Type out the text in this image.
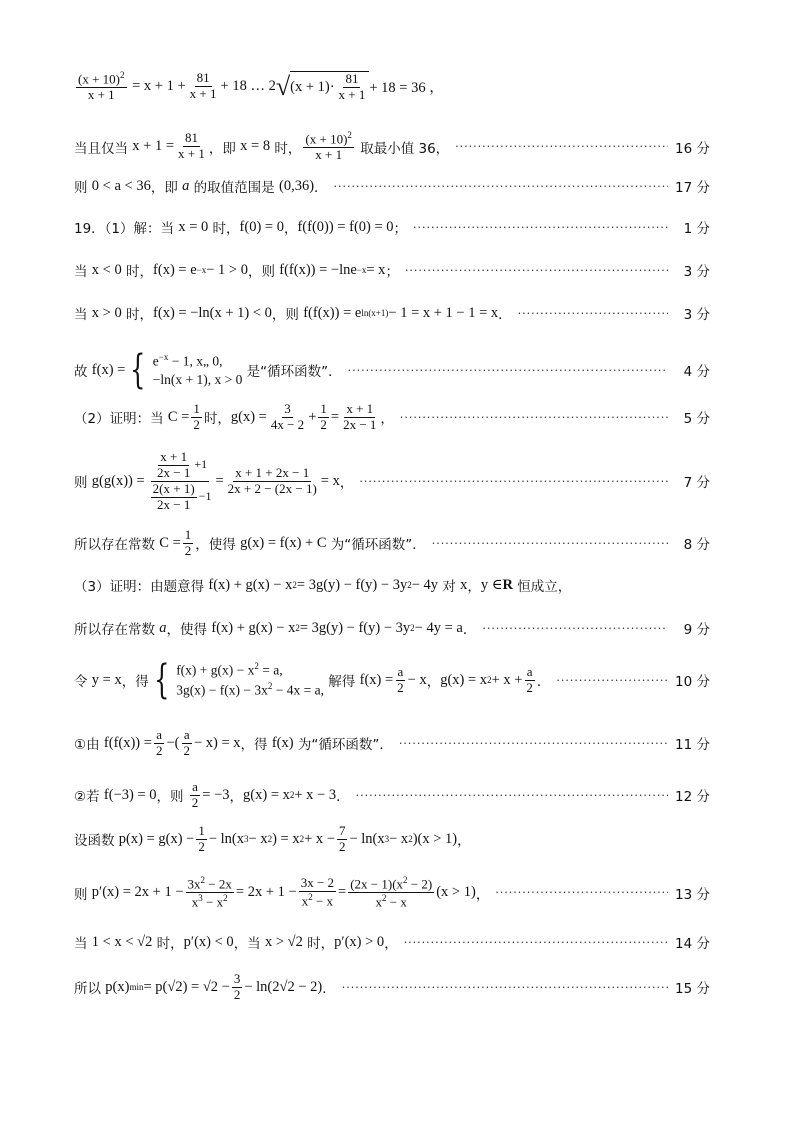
$\frac{(x + 10)^2}{x + 1} = x + 1 + \frac{81}{x + 1} + 18$ … 2 √ $(x + 1)\cdot \frac{81}{x + 1} + 18 = 36$ ，
当且仅当 $x + 1 = \frac{81}{x + 1}$ ，即 x = 8 时， $\frac{(x + 10)^2}{x + 1}$ 取最小值 36， ·····	16 分
则 0 < a < 36 ，即 a 的取值范围是 (0,36) ． ·····	17 分
19．（1）解：当 x = 0 时， f(0) = 0 ， f(f(0)) = f(0) = 0 ； ·····	1 分
当 x < 0 时， f(x) = e −x − 1 > 0 ，则 f(f(x)) = −lne −x = x ； ·····	3 分
当 x > 0 时， f(x) = −ln(x + 1) < 0 ，则 f(f(x)) = e ln(x+1) − 1 = x + 1 − 1 = x ． ·····	3 分
故 f(x) = { $e^{-x} - 1$, x„ 0,
−ln(x + 1), x > 0 是“循环函数”． ·····	4 分
（2）证明：当 $C = \frac{1}{2}$ 时， $g(x) = \frac{3}{4x - 2} + \frac{1}{2} = \frac{x + 1}{2x - 1}$ ， ·····	5 分
则 $g(g(x)) = \frac{\frac{x + 1}{2x - 1} +1}{\frac{2(x + 1)}{2x - 1} -1} = \frac{x + 1 + 2x - 1}{2x + 2 - (2x - 1)} = x$ ， ·····	7 分
所以存在常数 $C = \frac{1}{2}$ ，使得 g(x) = f(x) + C 为“循环函数”． ·····	8 分
（3）证明：由题意得 f(x) + g(x) − x 2 = 3g(y) − f(y) − 3y 2 − 4y 对 x ， y ∈ R 恒成立，
所以存在常数 a ，使得 f(x) + g(x) − x 2 = 3g(y) − f(y) − 3y 2 − 4y = a ． ·····	9 分
令 y = x ，得 { $f(x) + g(x) - x^2 = a$,
$3g(x) - f(x) - 3x^2 - 4x = a$, 解得 $f(x) = \frac{a}{2} - x$ ， g(x) = x $2 + x + \frac{a}{2}$ ． ·····	10 分
①由 $f(f(x)) = \frac{a}{2}$ −( $\frac{a}{2} - x) = x$ ，得 f(x) 为“循环函数”． ·····	11 分
②若 f(−3) = 0 ，则 $\frac{a}{2} = -3$ ， g(x) = x 2 + x − 3 ． ·····	12 分
设函数 $p(x) = g(x) - \frac{1}{2} - \ln(x$ 3 − x 2 ) = x $2 + x - \frac{7}{2} - \ln(x$ 3 − x 2 )(x > 1) ，
则 $p'(x) = 2x + 1 - \frac{3x^2 - 2x}{x^3 - x^2} = 2x + 1 - \frac{3x - 2}{x^2 - x} = \frac{(2x - 1)(x^2 - 2)}{x^2 - x} (x > 1)$ ， ·····	13 分
当 1 < x < √2 时， p′(x) < 0 ，当 x > √2 时， p′(x) > 0 ， ·····	14 分
所以 p(x) $\min = p(√2) = √2 - \frac{3}{2} - \ln(2√2 - 2)$ ． ·····	15 分
